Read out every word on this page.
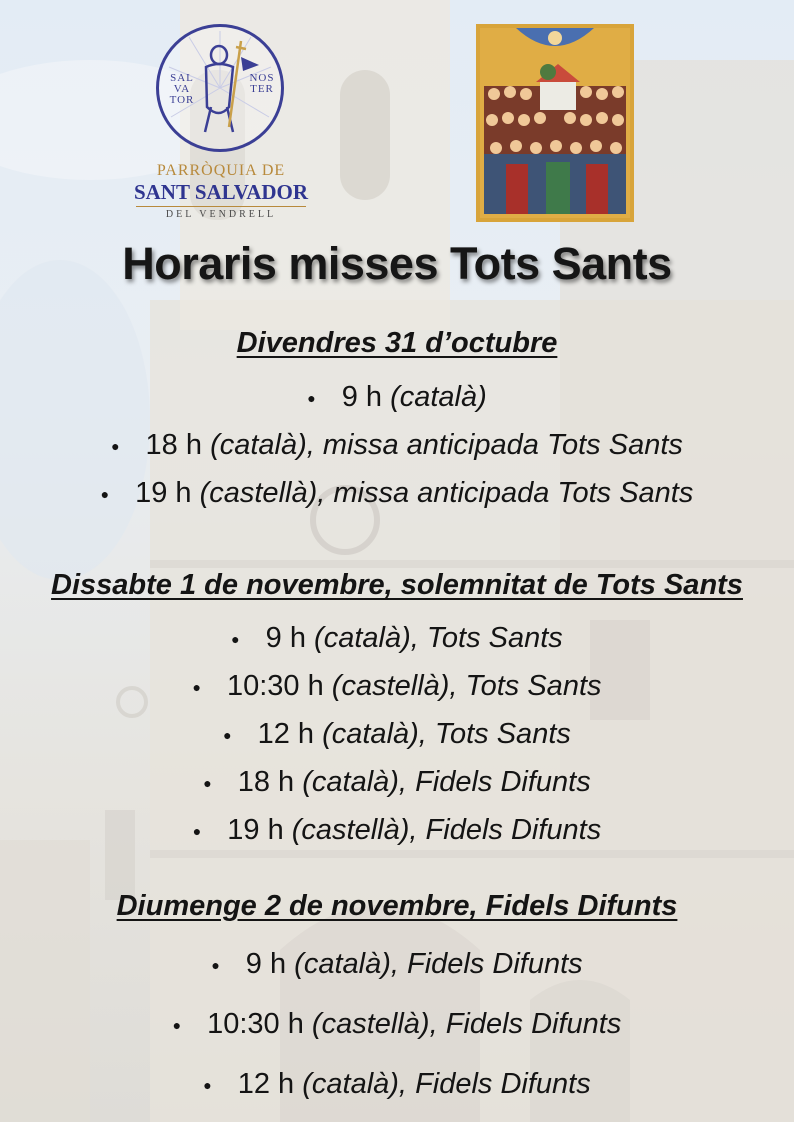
SAL VA TOR
NOS TER
PARRÒQUIA DE
SANT SALVADOR
DEL VENDRELL
Horaris misses Tots Sants
Divendres 31 d’octubre
● 9 h (català)
● 18 h (català), missa anticipada Tots Sants
● 19 h (castellà), missa anticipada Tots Sants
Dissabte 1 de novembre, solemnitat de Tots Sants
● 9 h (català), Tots Sants
● 10:30 h (castellà), Tots Sants
● 12 h (català), Tots Sants
● 18 h (català), Fidels Difunts
● 19 h (castellà), Fidels Difunts
Diumenge 2 de novembre, Fidels Difunts
● 9 h (català), Fidels Difunts
● 10:30 h (castellà), Fidels Difunts
● 12 h (català), Fidels Difunts
